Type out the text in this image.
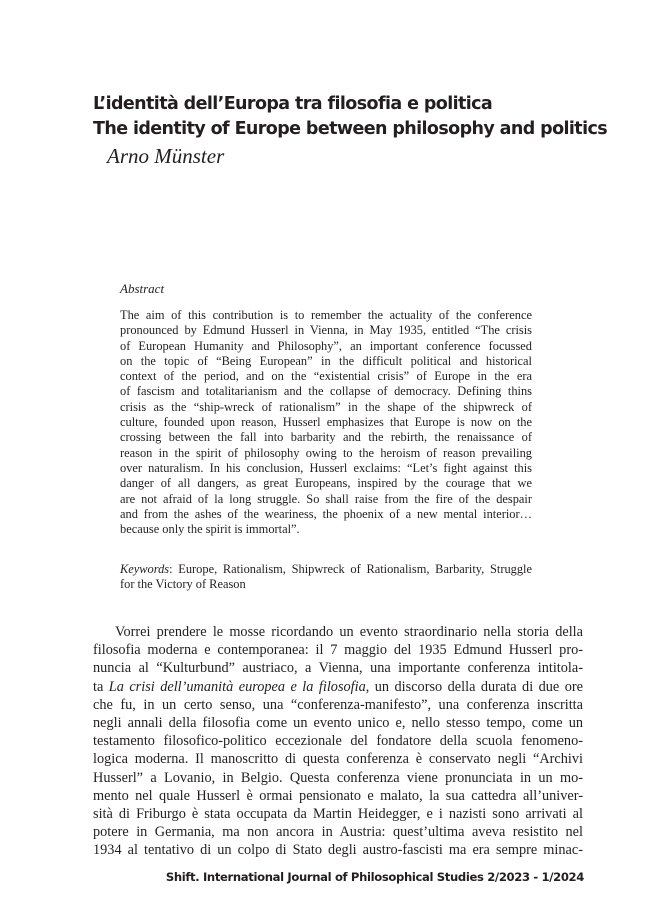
L’identità dell’Europa tra filosofia e politica
The identity of Europe between philosophy and politics

Arno Münster

Abstract

The aim of this contribution is to remember the actuality of the conference
pronounced by Edmund Husserl in Vienna, in May 1935, entitled “The crisis
of European Humanity and Philosophy”, an important conference focussed
on the topic of “Being European” in the difficult political and historical
context of the period, and on the “existential crisis” of Europe in the era
of fascism and totalitarianism and the collapse of democracy. Defining thins
crisis as the “ship-wreck of rationalism” in the shape of the shipwreck of
culture, founded upon reason, Husserl emphasizes that Europe is now on the
crossing between the fall into barbarity and the rebirth, the renaissance of
reason in the spirit of philosophy owing to the heroism of reason prevailing
over naturalism. In his conclusion, Husserl exclaims: “Let’s fight against this
danger of all dangers, as great Europeans, inspired by the courage that we
are not afraid of la long struggle. So shall raise from the fire of the despair
and from the ashes of the weariness, the phoenix of a new mental interior…
because only the spirit is immortal”.
Keywords: Europe, Rationalism, Shipwreck of Rationalism, Barbarity, Struggle
for the Victory of Reason
Vorrei prendere le mosse ricordando un evento straordinario nella storia della
filosofia moderna e contemporanea: il 7 maggio del 1935 Edmund Husserl pro-
nuncia al “Kulturbund” austriaco, a Vienna, una importante conferenza intitola-
ta La crisi dell’umanità europea e la filosofia, un discorso della durata di due ore
che fu, in un certo senso, una “conferenza-manifesto”, una conferenza inscritta
negli annali della filosofia come un evento unico e, nello stesso tempo, come un
testamento filosofico-politico eccezionale del fondatore della scuola fenomeno-
logica moderna. Il manoscritto di questa conferenza è conservato negli “Archivi
Husserl” a Lovanio, in Belgio. Questa conferenza viene pronunciata in un mo-
mento nel quale Husserl è ormai pensionato e malato, la sua cattedra all’univer-
sità di Friburgo è stata occupata da Martin Heidegger, e i nazisti sono arrivati al
potere in Germania, ma non ancora in Austria: quest’ultima aveva resistito nel
1934 al tentativo di un colpo di Stato degli austro-fascisti ma era sempre minac-

Shift. International Journal of Philosophical Studies 2/2023 - 1/2024
